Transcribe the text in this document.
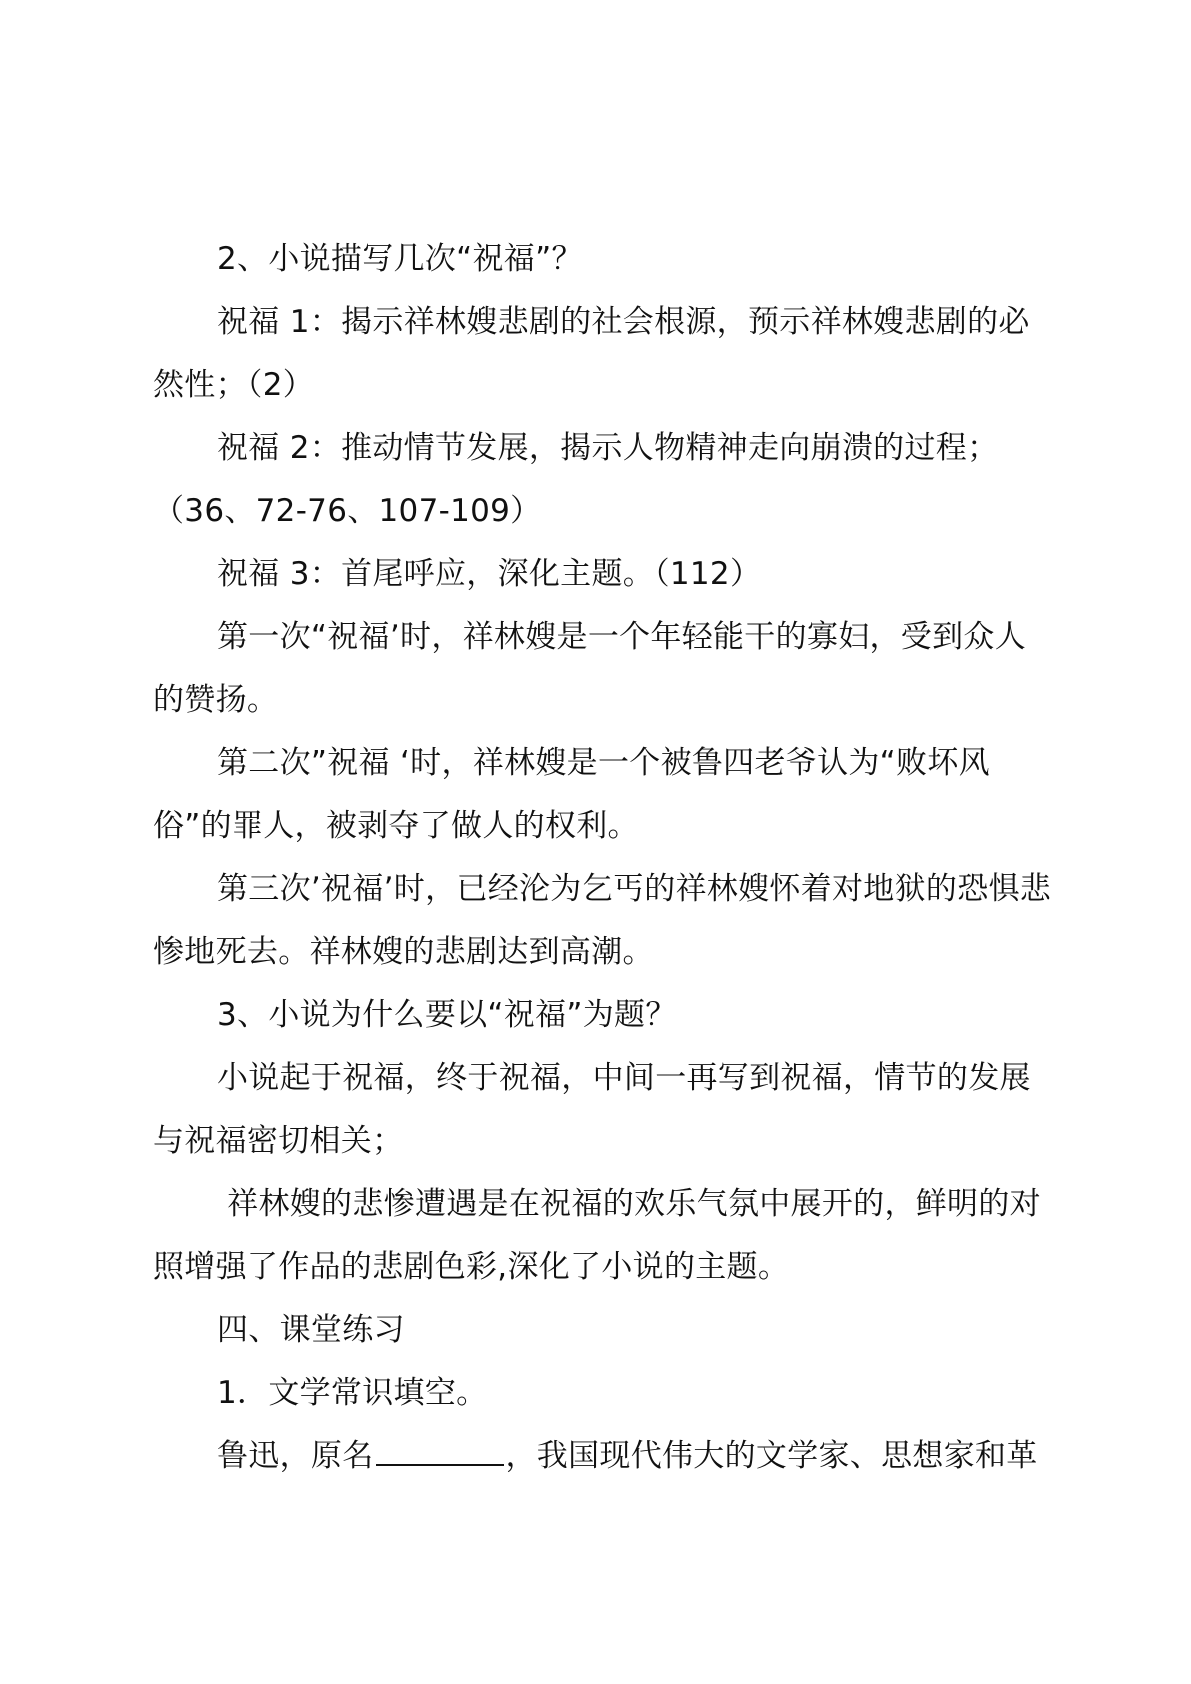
2、小说描写几次“祝福”？

祝福 1：揭示祥林嫂悲剧的社会根源，预示祥林嫂悲剧的必然性；（2）

祝福 2：推动情节发展，揭示人物精神走向崩溃的过程；（36、72-76、107-109）

祝福 3：首尾呼应，深化主题。（112）

第一次“祝福’时，祥林嫂是一个年轻能干的寡妇，受到众人的赞扬。

第二次”祝福 ‘时，祥林嫂是一个被鲁四老爷认为“败坏风俗”的罪人，被剥夺了做人的权利。

第三次’祝福’时，已经沦为乞丐的祥林嫂怀着对地狱的恐惧悲惨地死去。祥林嫂的悲剧达到高潮。

3、小说为什么要以“祝福”为题？

小说起于祝福，终于祝福，中间一再写到祝福，情节的发展与祝福密切相关；

祥林嫂的悲惨遭遇是在祝福的欢乐气氛中展开的，鲜明的对照增强了作品的悲剧色彩,深化了小说的主题。

四、课堂练习

1．文学常识填空。

鲁迅，原名	，我国现代伟大的文学家、思想家和革
